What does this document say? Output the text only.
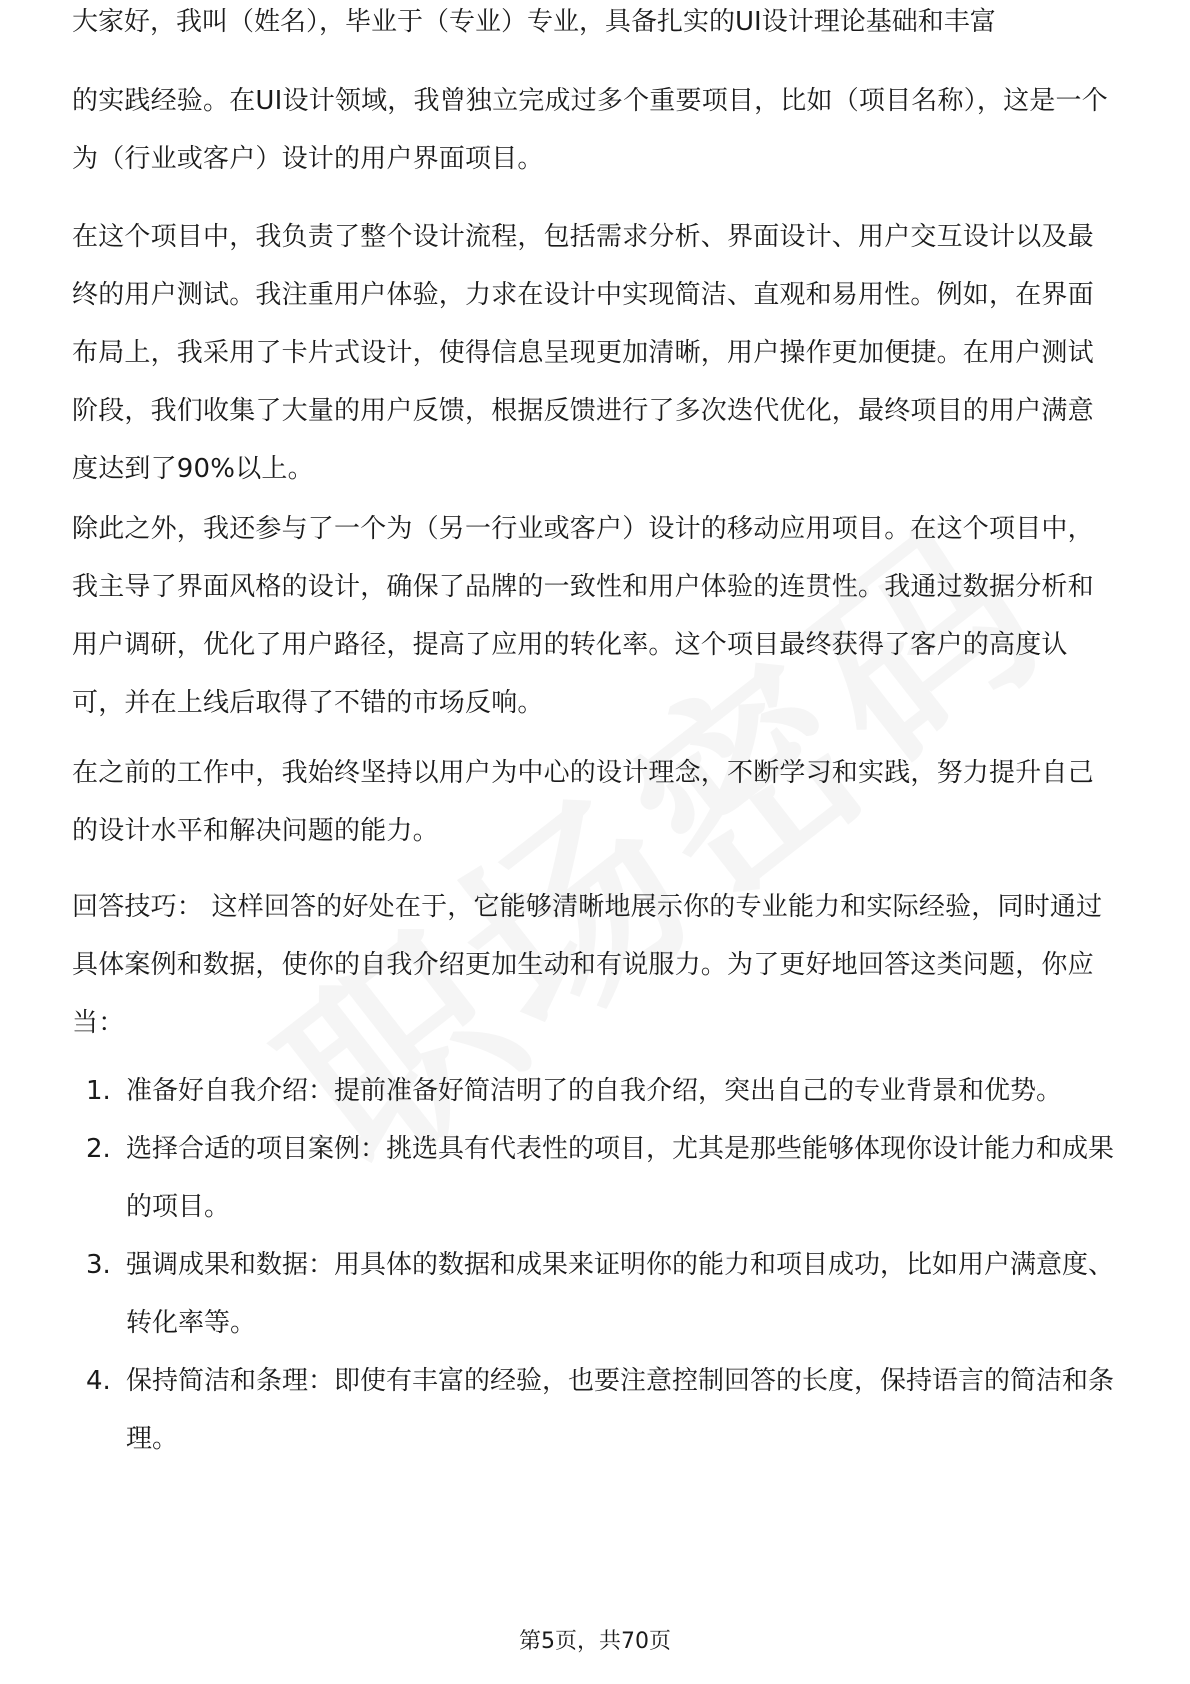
大家好，我叫（姓名），毕业于（专业）专业，具备扎实的UI设计理论基础和丰富

的实践经验。在UI设计领域，我曾独立完成过多个重要项目，比如（项目名称），这是一个为（行业或客户）设计的用户界面项目。

在这个项目中，我负责了整个设计流程，包括需求分析、界面设计、用户交互设计以及最终的用户测试。我注重用户体验，力求在设计中实现简洁、直观和易用性。例如，在界面布局上，我采用了卡片式设计，使得信息呈现更加清晰，用户操作更加便捷。在用户测试阶段，我们收集了大量的用户反馈，根据反馈进行了多次迭代优化，最终项目的用户满意度达到了90%以上。

除此之外，我还参与了一个为（另一行业或客户）设计的移动应用项目。在这个项目中，我主导了界面风格的设计，确保了品牌的一致性和用户体验的连贯性。我通过数据分析和用户调研，优化了用户路径，提高了应用的转化率。这个项目最终获得了客户的高度认可，并在上线后取得了不错的市场反响。

在之前的工作中，我始终坚持以用户为中心的设计理念，不断学习和实践，努力提升自己的设计水平和解决问题的能力。

回答技巧： 这样回答的好处在于，它能够清晰地展示你的专业能力和实际经验，同时通过具体案例和数据，使你的自我介绍更加生动和有说服力。为了更好地回答这类问题，你应当：

1. 准备好自我介绍：提前准备好简洁明了的自我介绍，突出自己的专业背景和优势。
2. 选择合适的项目案例：挑选具有代表性的项目，尤其是那些能够体现你设计能力和成果的项目。
3. 强调成果和数据：用具体的数据和成果来证明你的能力和项目成功，比如用户满意度、转化率等。
4. 保持简洁和条理：即使有丰富的经验，也要注意控制回答的长度，保持语言的简洁和条理。
第5页，共70页
